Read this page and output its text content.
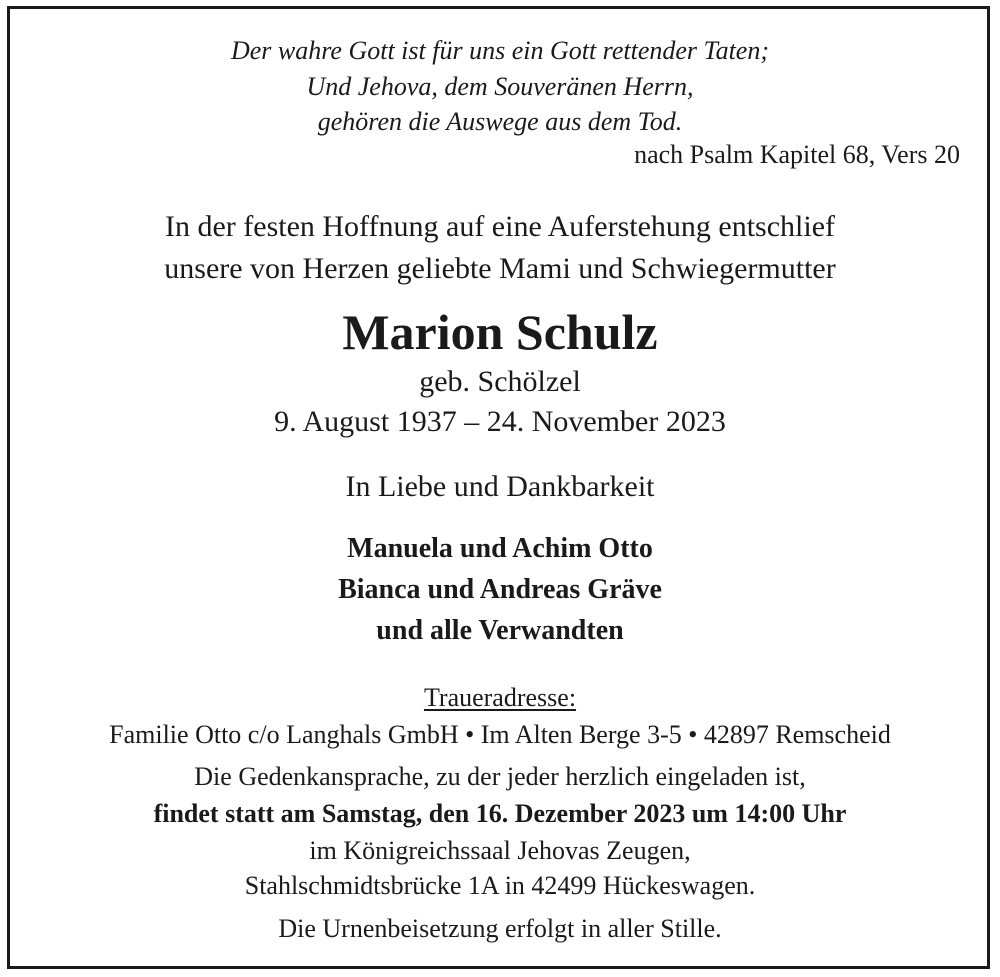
Der wahre Gott ist für uns ein Gott rettender Taten;
Und Jehova, dem Souveränen Herrn,
gehören die Auswege aus dem Tod.
nach Psalm Kapitel 68, Vers 20
In der festen Hoffnung auf eine Auferstehung entschlief
unsere von Herzen geliebte Mami und Schwiegermutter
Marion Schulz
geb. Schölzel
9. August 1937 – 24. November 2023
In Liebe und Dankbarkeit
Manuela und Achim Otto
Bianca und Andreas Gräve
und alle Verwandten
Traueradresse:
Familie Otto c/o Langhals GmbH • Im Alten Berge 3-5 • 42897 Remscheid
Die Gedenkansprache, zu der jeder herzlich eingeladen ist,
findet statt am Samstag, den 16. Dezember 2023 um 14:00 Uhr
im Königreichssaal Jehovas Zeugen,
Stahlschmidtsbrücke 1A in 42499 Hückeswagen.
Die Urnenbeisetzung erfolgt in aller Stille.
